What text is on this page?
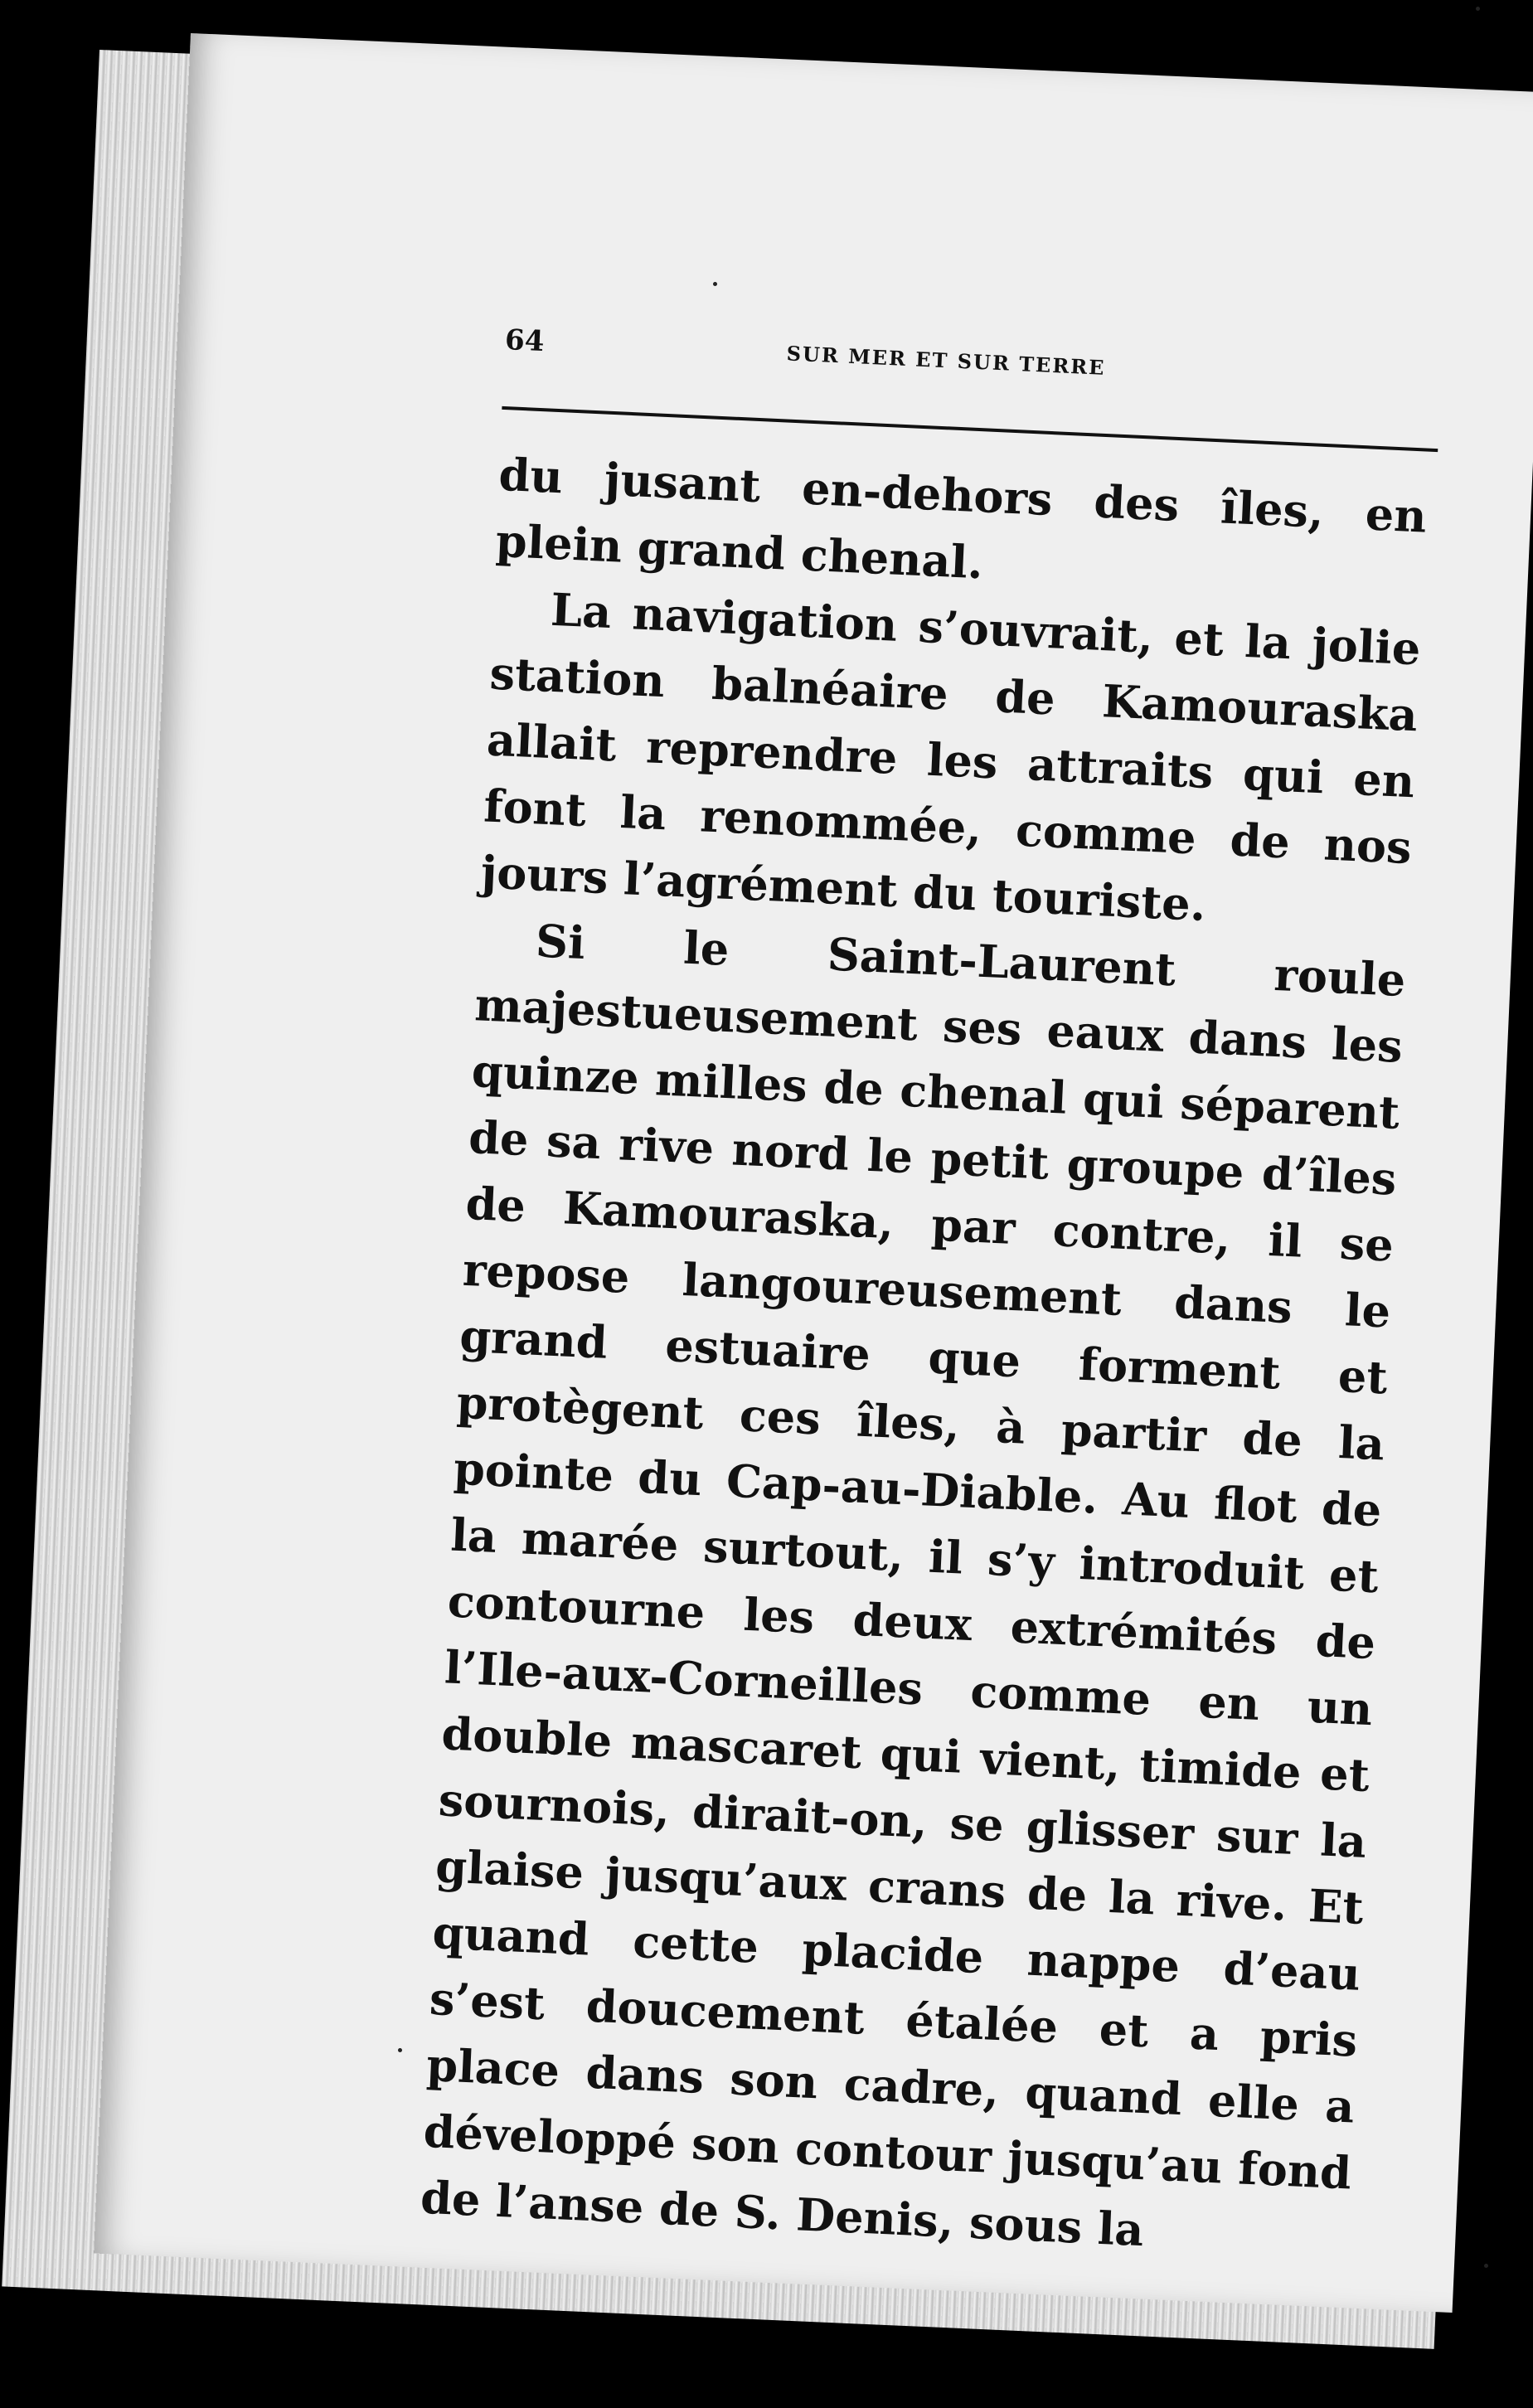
64
SUR MER ET SUR TERRE

du jusant en-dehors des îles, en plein grand chenal.

La navigation s’ouvrait, et la jolie station balnéaire de Kamouraska allait reprendre les attraits qui en font la renommée, comme de nos jours l’agrément du touriste.

Si le Saint-Laurent roule majestueusement ses eaux dans les quinze milles de chenal qui séparent de sa rive nord le petit groupe d’îles de Kamouraska, par contre, il se repose langoureusement dans le grand estuaire que forment et protègent ces îles, à partir de la pointe du Cap-au-Diable. Au flot de la marée surtout, il s’y introduit et contourne les deux extrémités de l’Ile-aux-Corneilles comme en un double mascaret qui vient, timide et sournois, dirait-on, se glisser sur la glaise jusqu’aux crans de la rive. Et quand cette placide nappe d’eau s’est doucement étalée et a pris place dans son cadre, quand elle a développé son contour jusqu’au fond de l’anse de S. Denis, sous la
